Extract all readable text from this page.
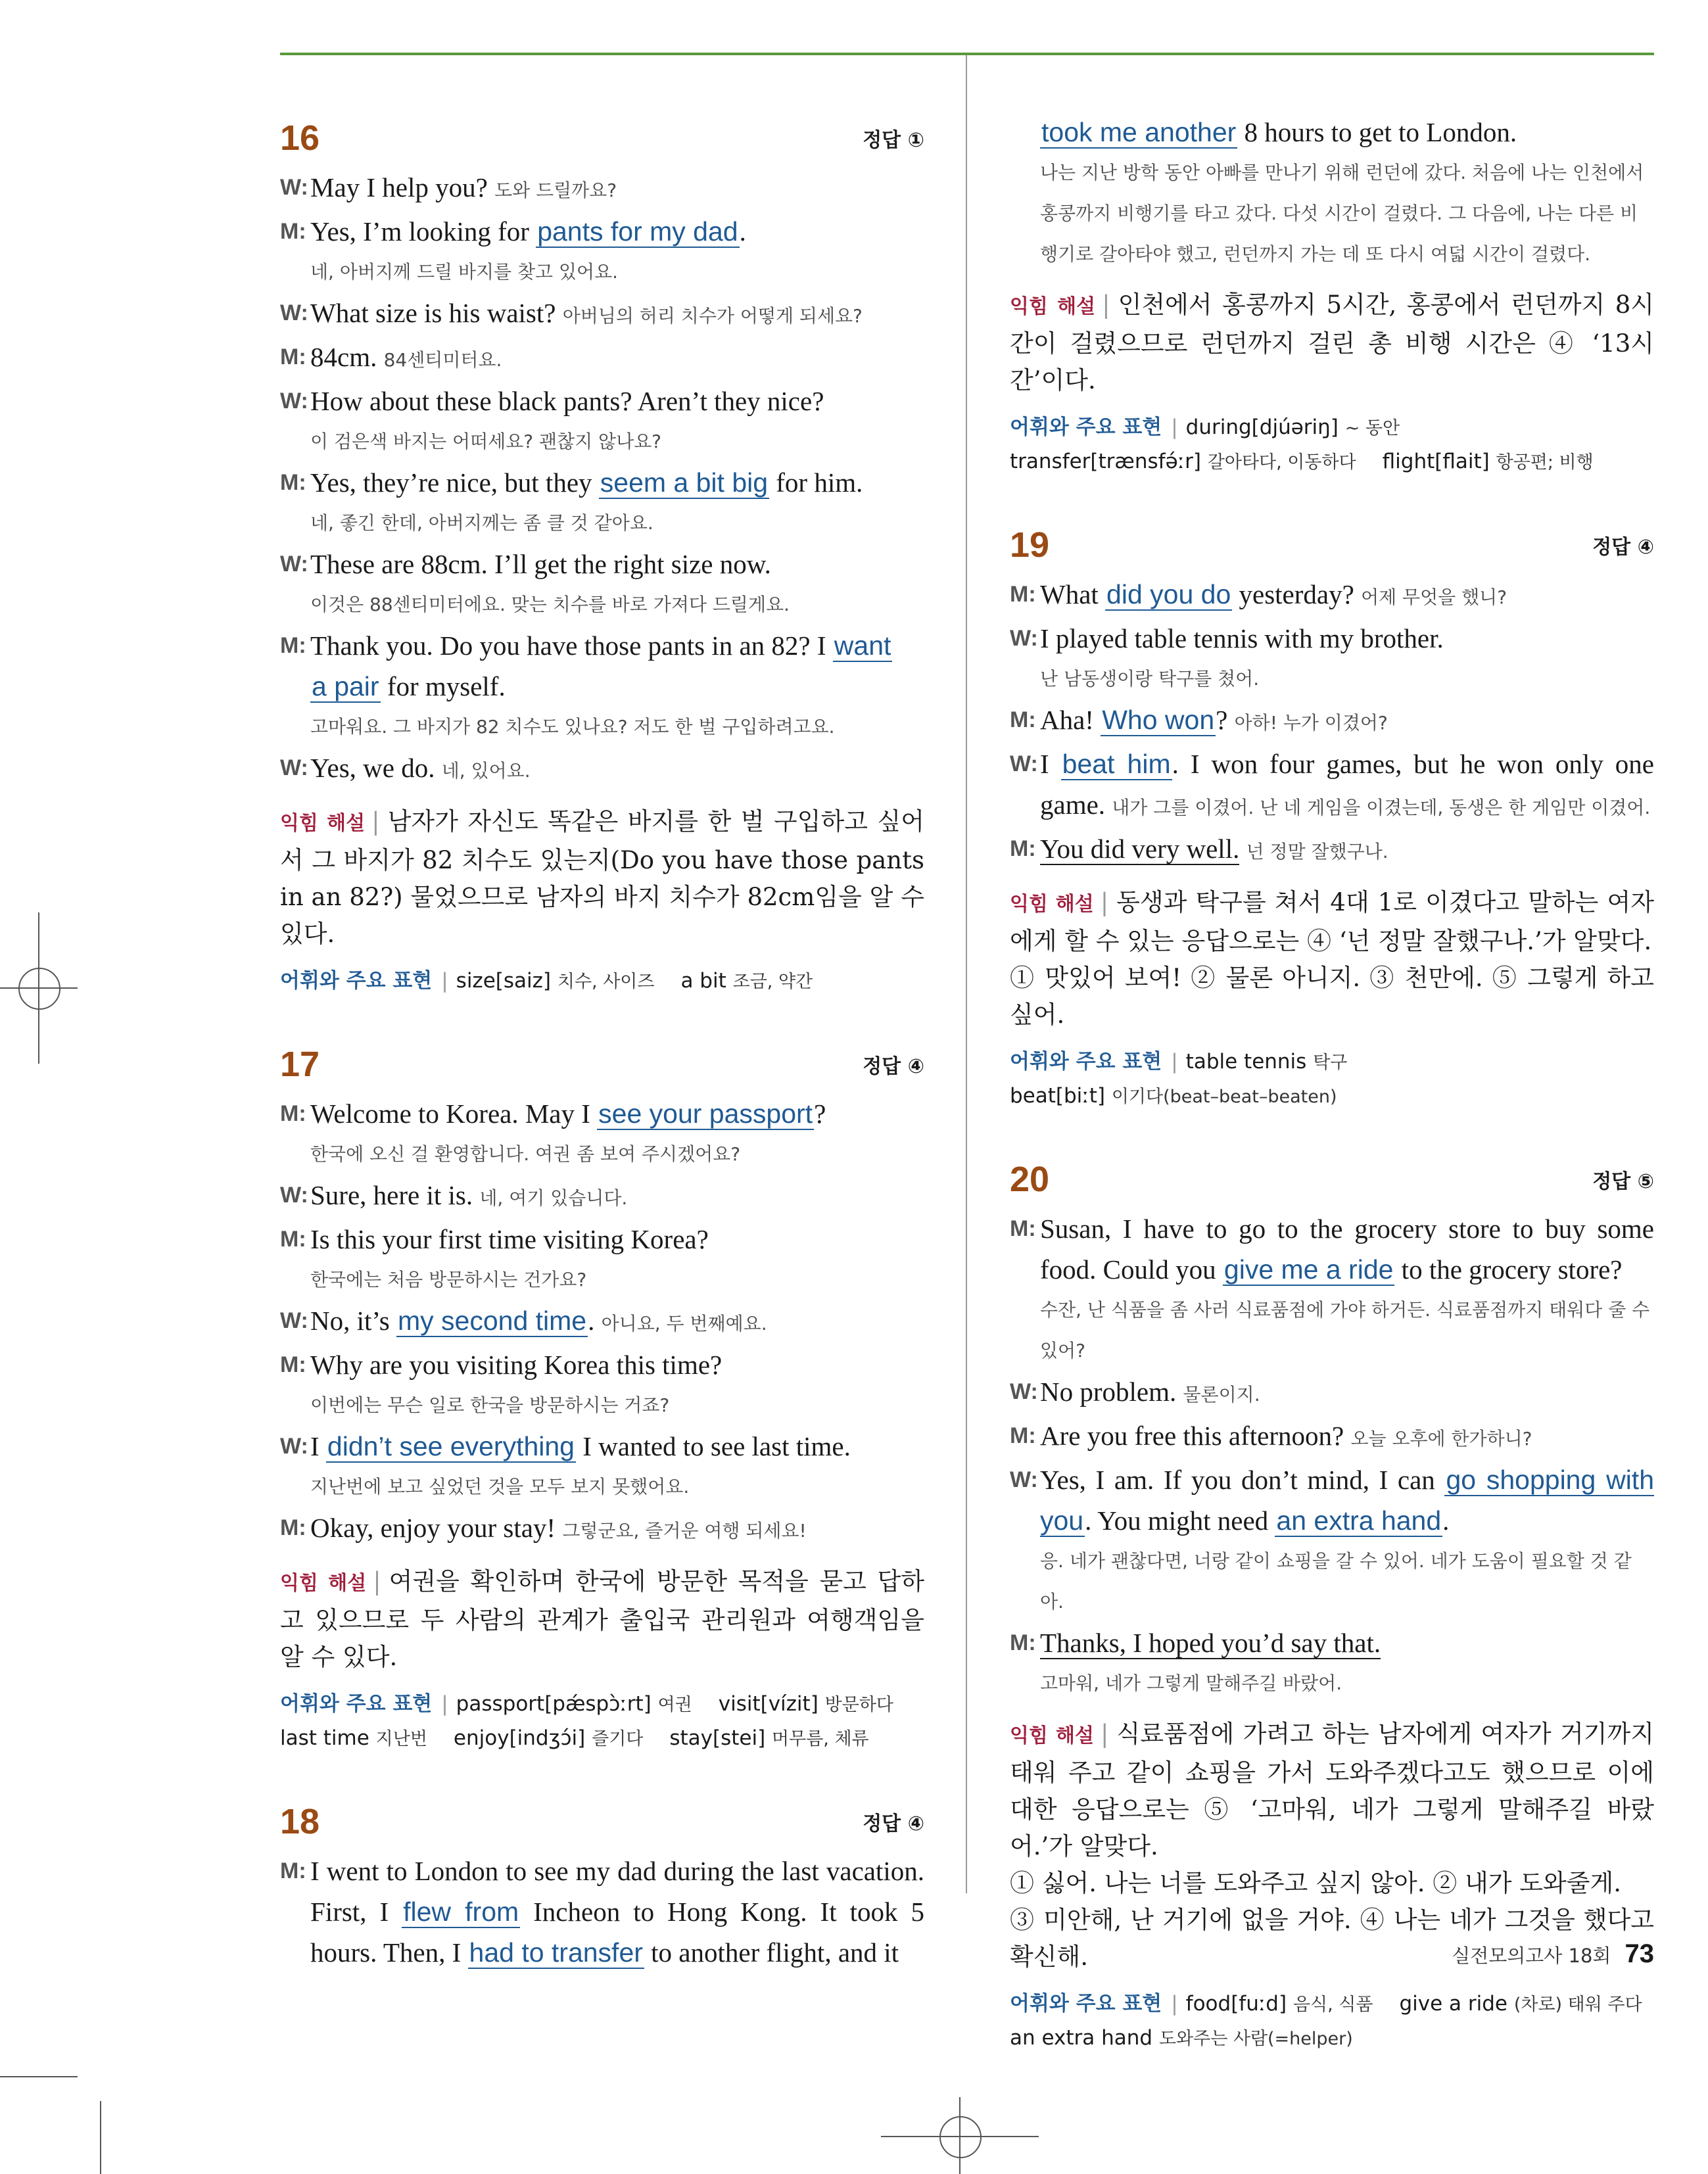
16	정답 ①
W: May I help you? 도와 드릴까요?
M: Yes, I’m looking for pants for my dad.
네, 아버지께 드릴 바지를 찾고 있어요.
W: What size is his waist? 아버님의 허리 치수가 어떻게 되세요?
M: 84cm. 84센티미터요.
W: How about these black pants? Aren’t they nice?
이 검은색 바지는 어떠세요? 괜찮지 않나요?
M: Yes, they’re nice, but they seem a bit big for him.
네, 좋긴 한데, 아버지께는 좀 클 것 같아요.
W: These are 88cm. I’ll get the right size now.
이것은 88센티미터에요. 맞는 치수를 바로 가져다 드릴게요.
M: Thank you. Do you have those pants in an 82? I want
a pair for myself.
고마워요. 그 바지가 82 치수도 있나요? 저도 한 벌 구입하려고요.
W: Yes, we do. 네, 있어요.
익힘 해설 | 남자가 자신도 똑같은 바지를 한 벌 구입하고 싶어서 그 바지가 82 치수도 있는지(Do you have those pants in an 82?) 물었으므로 남자의 바지 치수가 82cm임을 알 수 있다.
어휘와 주요 표현 | size[saiz] 치수, 사이즈 a bit 조금, 약간
17	정답 ④
M: Welcome to Korea. May I see your passport?
한국에 오신 걸 환영합니다. 여권 좀 보여 주시겠어요?
W: Sure, here it is. 네, 여기 있습니다.
M: Is this your first time visiting Korea?
한국에는 처음 방문하시는 건가요?
W: No, it’s my second time. 아니요, 두 번째예요.
M: Why are you visiting Korea this time?
이번에는 무슨 일로 한국을 방문하시는 거죠?
W: I didn’t see everything I wanted to see last time.
지난번에 보고 싶었던 것을 모두 보지 못했어요.
M: Okay, enjoy your stay! 그렇군요, 즐거운 여행 되세요!
익힘 해설 | 여권을 확인하며 한국에 방문한 목적을 묻고 답하고 있으므로 두 사람의 관계가 출입국 관리원과 여행객임을 알 수 있다.
어휘와 주요 표현 | passport[pǽspɔ̀ːrt] 여권 visit[vízit] 방문하다
last time 지난번 enjoy[indʒɔ́i] 즐기다 stay[stei] 머무름, 체류
18	정답 ④
M: I went to London to see my dad during the last vacation. First, I flew from Incheon to Hong Kong. It took 5 hours. Then, I had to transfer to another flight, and it
took me another 8 hours to get to London.
나는 지난 방학 동안 아빠를 만나기 위해 런던에 갔다. 처음에 나는 인천에서 홍콩까지 비행기를 타고 갔다. 다섯 시간이 걸렸다. 그 다음에, 나는 다른 비행기로 갈아타야 했고, 런던까지 가는 데 또 다시 여덟 시간이 걸렸다.
익힘 해설 | 인천에서 홍콩까지 5시간, 홍콩에서 런던까지 8시간이 걸렸으므로 런던까지 걸린 총 비행 시간은 ④ ‘13시간’이다.
어휘와 주요 표현 | during[djúəriŋ] ~ 동안
transfer[trænsfə́ːr] 갈아타다, 이동하다 flight[flait] 항공편; 비행
19	정답 ④
M: What did you do yesterday? 어제 무엇을 했니?
W: I played table tennis with my brother.
난 남동생이랑 탁구를 쳤어.
M: Aha! Who won? 아하! 누가 이겼어?
W: I beat him. I won four games, but he won only one game. 내가 그를 이겼어. 난 네 게임을 이겼는데, 동생은 한 게임만 이겼어.
M: You did very well. 넌 정말 잘했구나.
익힘 해설 | 동생과 탁구를 쳐서 4대 1로 이겼다고 말하는 여자에게 할 수 있는 응답으로는 ④ ‘넌 정말 잘했구나.’가 알맞다.
① 맛있어 보여! ② 물론 아니지. ③ 천만에. ⑤ 그렇게 하고 싶어.
어휘와 주요 표현 | table tennis 탁구
beat[biːt] 이기다(beat–beat–beaten)
20	정답 ⑤
M: Susan, I have to go to the grocery store to buy some food. Could you give me a ride to the grocery store?
수잔, 난 식품을 좀 사러 식료품점에 가야 하거든. 식료품점까지 태워다 줄 수 있어?
W: No problem. 물론이지.
M: Are you free this afternoon? 오늘 오후에 한가하니?
W: Yes, I am. If you don’t mind, I can go shopping with you. You might need an extra hand.
응. 네가 괜찮다면, 너랑 같이 쇼핑을 갈 수 있어. 네가 도움이 필요할 것 같아.
M: Thanks, I hoped you’d say that.
고마워, 네가 그렇게 말해주길 바랐어.
익힘 해설 | 식료품점에 가려고 하는 남자에게 여자가 거기까지 태워 주고 같이 쇼핑을 가서 도와주겠다고도 했으므로 이에 대한 응답으로는 ⑤ ‘고마워, 네가 그렇게 말해주길 바랐어.’가 알맞다.
① 싫어. 나는 너를 도와주고 싶지 않아. ② 내가 도와줄게.
③ 미안해, 난 거기에 없을 거야. ④ 나는 네가 그것을 했다고 확신해.
어휘와 주요 표현 | food[fuːd] 음식, 식품 give a ride (차로) 태워 주다
an extra hand 도와주는 사람(=helper)
실전모의고사 18회 73
